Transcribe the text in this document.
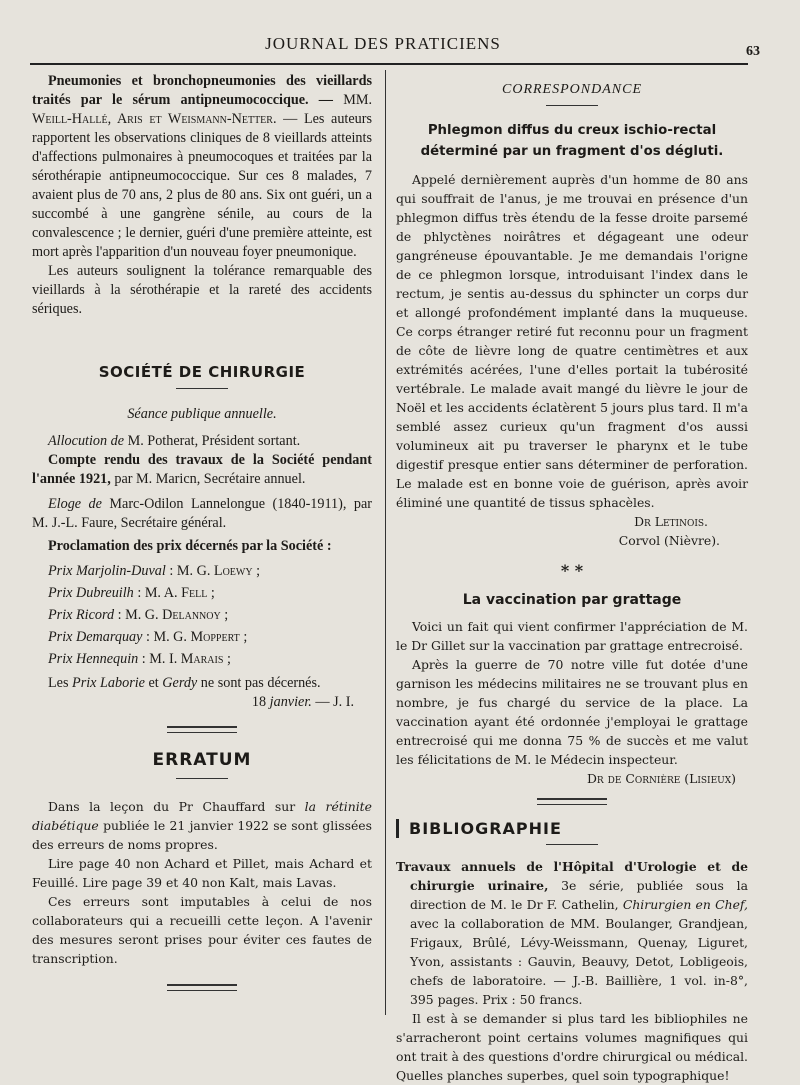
JOURNAL DES PRATICIENS	63

Pneumonies et bronchopneumonies des vieillards traités par le sérum antipneumococcique. — MM. Weill-Hallé, Aris et Weismann-Netter. — Les auteurs rapportent les observations cliniques de 8 vieillards atteints d'affections pulmonaires à pneumocoques et traitées par la sérothérapie antipneumococcique. Sur ces 8 malades, 7 avaient plus de 70 ans, 2 plus de 80 ans. Six ont guéri, un a succombé à une gangrène sénile, au cours de la convalescence ; le dernier, guéri d'une première atteinte, est mort après l'apparition d'un nouveau foyer pneumonique.

Les auteurs soulignent la tolérance remarquable des vieillards à la sérothérapie et la rareté des accidents sériques.

SOCIÉTÉ DE CHIRURGIE

Séance publique annuelle.

Allocution de M. Potherat, Président sortant.

Compte rendu des travaux de la Société pendant l'année 1921, par M. Maricn, Secrétaire annuel.

Eloge de Marc-Odilon Lannelongue (1840-1911), par M. J.-L. Faure, Secrétaire général.

Proclamation des prix décernés par la Société :

Prix Marjolin-Duval : M. G. Loewy ;

Prix Dubreuilh : M. A. Fell ;

Prix Ricord : M. G. Delannoy ;

Prix Demarquay : M. G. Moppert ;

Prix Hennequin : M. I. Marais ;

Les Prix Laborie et Gerdy ne sont pas décernés.

18 janvier. — J. I.

ERRATUM

Dans la leçon du Pr Chauffard sur la rétinite diabétique publiée le 21 janvier 1922 se sont glissées des erreurs de noms propres.

Lire page 40 non Achard et Pillet, mais Achard et Feuillé. Lire page 39 et 40 non Kalt, mais Lavas.

Ces erreurs sont imputables à celui de nos collaborateurs qui a recueilli cette leçon. A l'avenir des mesures seront prises pour éviter ces fautes de transcription.

CORRESPONDANCE
Phlegmon diffus du creux ischio-rectal déterminé par un fragment d'os dégluti.

Appelé dernièrement auprès d'un homme de 80 ans qui souffrait de l'anus, je me trouvai en présence d'un phlegmon diffus très étendu de la fesse droite parsemé de phlyctènes noirâtres et dégageant une odeur gangréneuse épouvantable. Je me demandais l'origne de ce phlegmon lorsque, introduisant l'index dans le rectum, je sentis au-dessus du sphincter un corps dur et allongé profondément implanté dans la muqueuse. Ce corps étranger retiré fut reconnu pour un fragment de côte de lièvre long de quatre centimètres et aux extrémités acérées, l'une d'elles portait la tubérosité vertébrale. Le malade avait mangé du lièvre le jour de Noël et les accidents éclatèrent 5 jours plus tard. Il m'a semblé assez curieux qu'un fragment d'os aussi volumineux ait pu traverser le pharynx et le tube digestif presque entier sans déterminer de perforation. Le malade est en bonne voie de guérison, après avoir éliminé une quantité de tissus sphacèles.

Dr Letinois.

Corvol (Nièvre).

* *
La vaccination par grattage

Voici un fait qui vient confirmer l'appréciation de M. le Dr Gillet sur la vaccination par grattage entrecroisé.

Après la guerre de 70 notre ville fut dotée d'une garnison les médecins militaires ne se trouvant plus en nombre, je fus chargé du service de la place. La vaccination ayant été ordonnée j'employai le grattage entrecroisé qui me donna 75 % de succès et me valut les félicitations de M. le Médecin inspecteur.

Dr de Cornière (Lisieux)

BIBLIOGRAPHIE

Travaux annuels de l'Hôpital d'Urologie et de chirurgie urinaire, 3e série, publiée sous la direction de M. le Dr F. Cathelin, Chirurgien en Chef, avec la collaboration de MM. Boulanger, Grandjean, Frigaux, Brûlé, Lévy-Weissmann, Quenay, Liguret, Yvon, assistants : Gauvin, Beauvy, Detot, Lobligeois, chefs de laboratoire. — J.-B. Baillière, 1 vol. in-8°, 395 pages. Prix : 50 francs.

Il est à se demander si plus tard les bibliophiles ne s'arracheront point certains volumes magnifiques qui ont trait à des questions d'ordre chirurgical ou médical. Quelles planches superbes, quel soin typographique!
